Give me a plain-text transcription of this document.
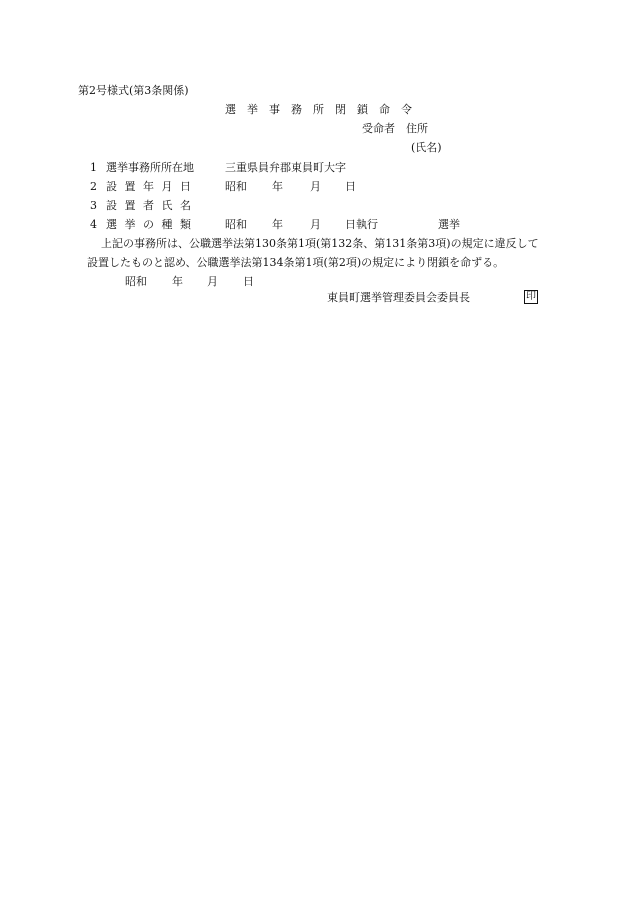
第2号様式(第3条関係)
選挙事務所閉鎖命令
受命者 住所
(氏名)
1 選挙事務所所在地	三重県員弁郡東員町大字
2 設置年月日 昭和 年 月 日
3 設置者氏名
4 選挙の種類 昭和 年 月 日執行	選挙
上記の事務所は、公職選挙法第130条第1項(第132条、第131条第3項)の規定に違反して
設置したものと認め、公職選挙法第134条第1項(第2項)の規定により閉鎖を命ずる。
昭和 年 月 日
東員町選挙管理委員会委員長	印
